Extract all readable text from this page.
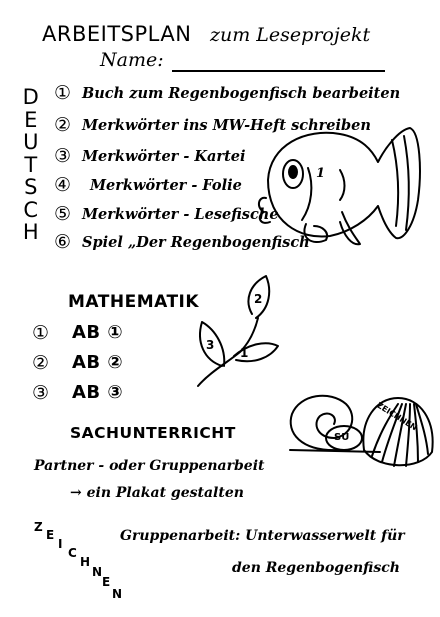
ARBEITSPLAN zum Leseprojekt
Name:
D
E
U
T
S
C
H
① Buch zum Regenbogenfisch bearbeiten
② Merkwörter ins MW-Heft schreiben
③ Merkwörter - Kartei
④ Merkwörter - Folie
⑤ Merkwörter - Lesefische
⑥ Spiel „Der Regenbogenfisch
1
MATHEMATIK
① AB ①
② AB ②
③ AB ③
2
3
1
SU
ZEICHNEN
SACHUNTERRICHT
Partner - oder Gruppenarbeit
→ ein Plakat gestalten
Z
E
I
C
H
N
E
N
Gruppenarbeit: Unterwasserwelt für
den Regenbogenfisch
